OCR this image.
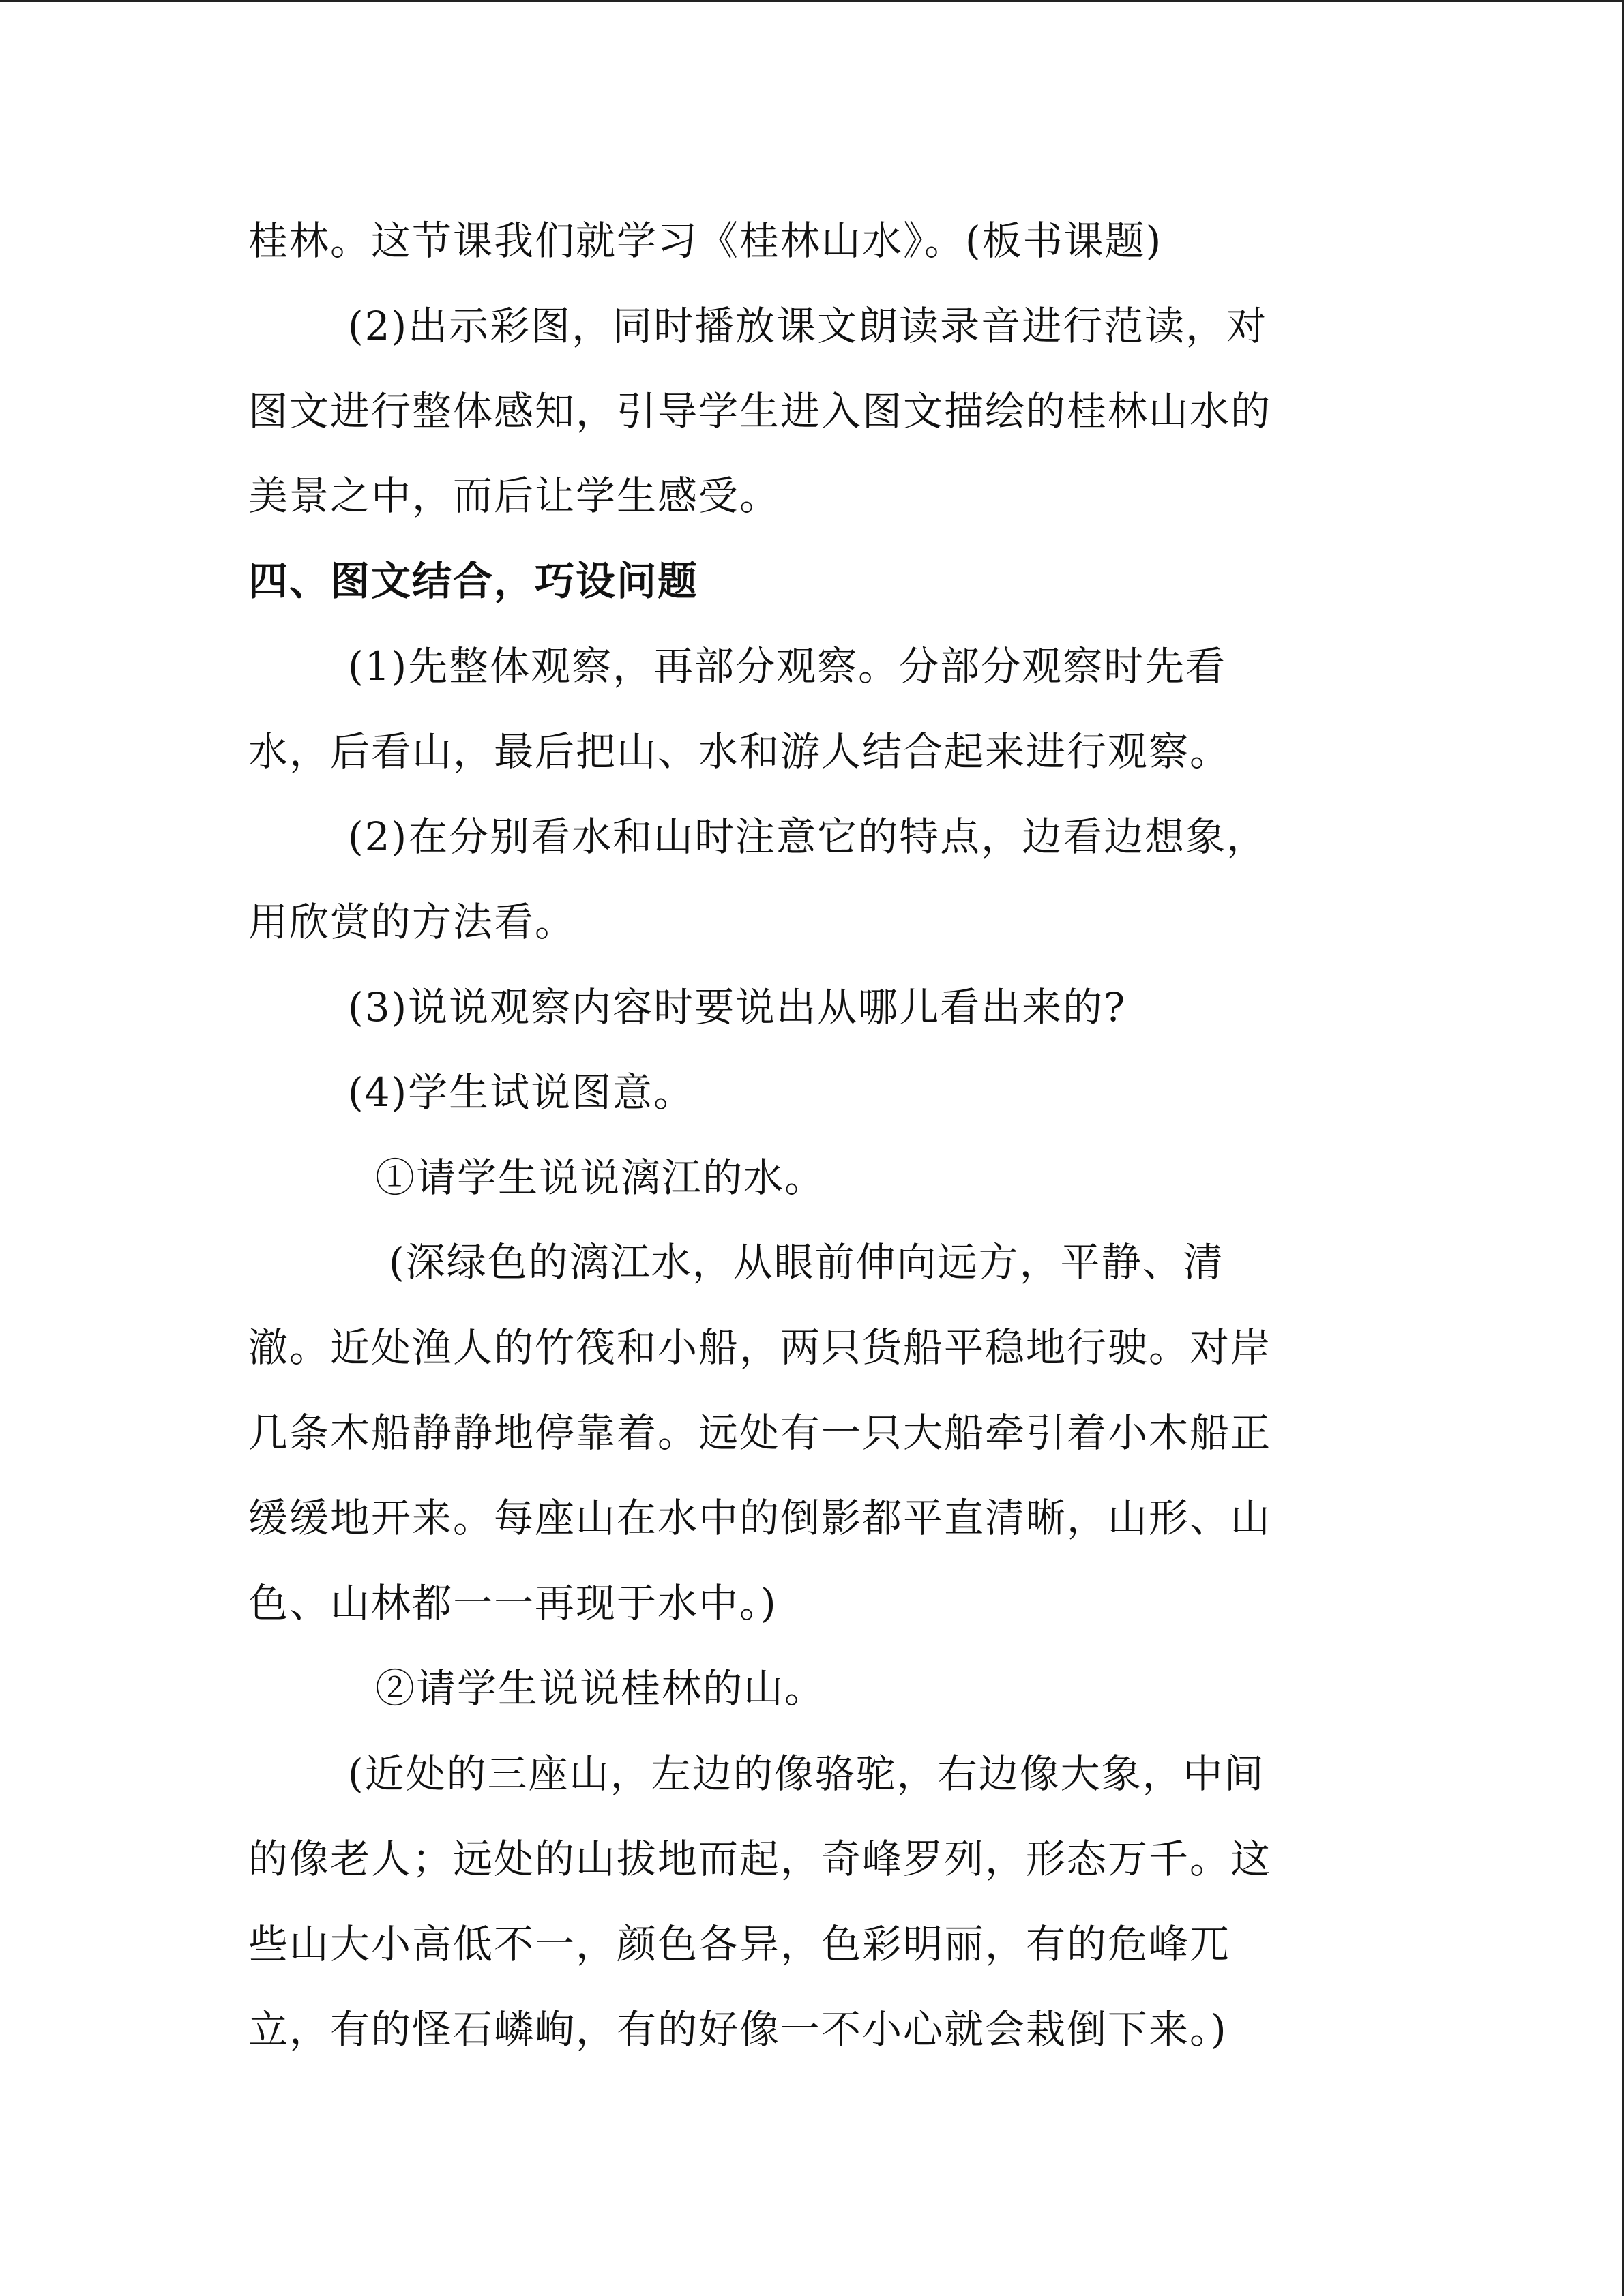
桂林。这节课我们就学习《桂林山水》。(板书课题)
(2)出示彩图，同时播放课文朗读录音进行范读，对
图文进行整体感知，引导学生进入图文描绘的桂林山水的
美景之中，而后让学生感受。
四、图文结合，巧设问题
(1)先整体观察，再部分观察。分部分观察时先看
水，后看山，最后把山、水和游人结合起来进行观察。
(2)在分别看水和山时注意它的特点，边看边想象，
用欣赏的方法看。
(3)说说观察内容时要说出从哪儿看出来的?
(4)学生试说图意。
①请学生说说漓江的水。
(深绿色的漓江水，从眼前伸向远方，平静、清
澈。近处渔人的竹筏和小船，两只货船平稳地行驶。对岸
几条木船静静地停靠着。远处有一只大船牵引着小木船正
缓缓地开来。每座山在水中的倒影都平直清晰，山形、山
色、山林都一一再现于水中。)
②请学生说说桂林的山。
(近处的三座山，左边的像骆驼，右边像大象，中间
的像老人；远处的山拔地而起，奇峰罗列，形态万千。这
些山大小高低不一，颜色各异，色彩明丽，有的危峰兀
立，有的怪石嶙峋，有的好像一不小心就会栽倒下来。)
